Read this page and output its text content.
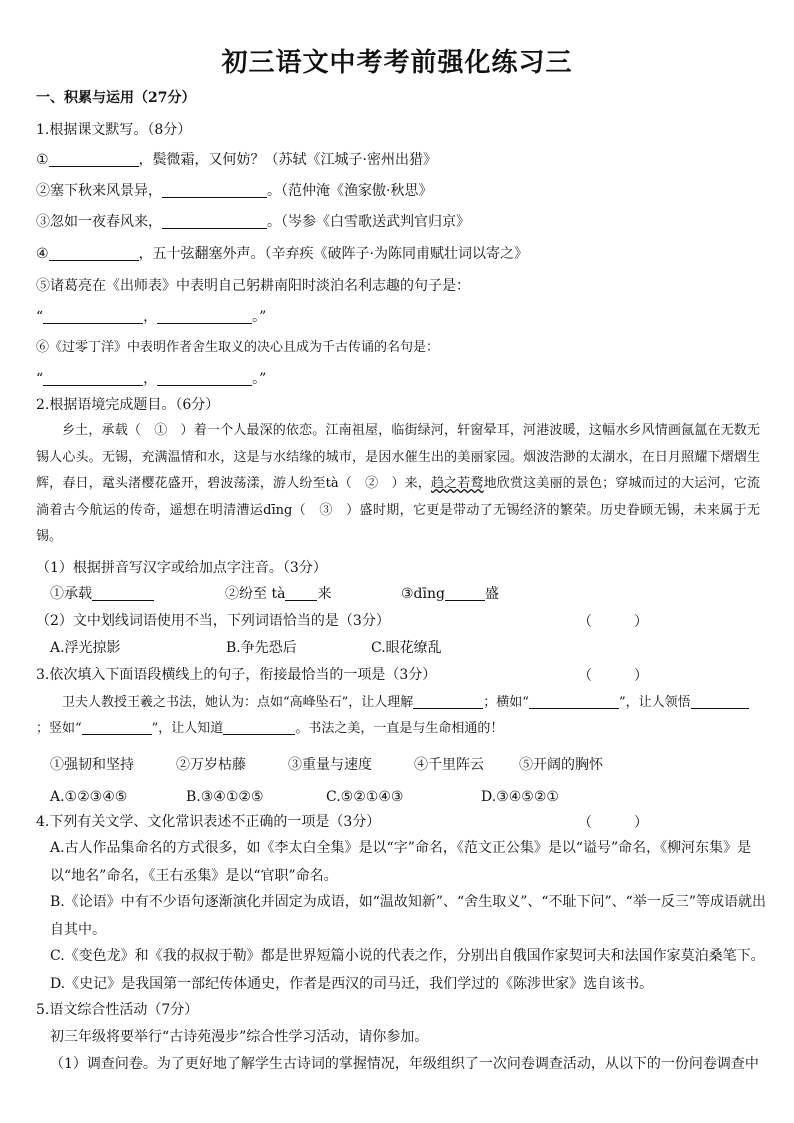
初三语文中考考前强化练习三
一、积累与运用（27分）
1.根据课文默写。（8分）
①	，鬓微霜，又何妨？（苏轼《江城子·密州出猎》
②塞下秋来风景异，	。（范仲淹《渔家傲·秋思》
③忽如一夜春风来，	。（岑参《白雪歌送武判官归京》
④	，五十弦翻塞外声。（辛弃疾《破阵子·为陈同甫赋壮词以寄之》
⑤诸葛亮在《出师表》中表明自己躬耕南阳时淡泊名利志趣的句子是：
“	，	。”
⑥《过零丁洋》中表明作者舍生取义的决心且成为千古传诵的名句是：
“	，	。”
2.根据语境完成题目。（6分）
乡土，承载（　①　）着一个人最深的依恋。江南祖屋，临街绿河，轩窗晕耳，河港波暖，这幅水乡风情画氤氲在无数无锡人心头。无锡，充满温情和水，这是与水结缘的城市，是因水催生出的美丽家园。烟波浩渺的太湖水，在日月照耀下熠熠生辉，春日，鼋头渚樱花盛开，碧波荡漾，游人纷至tà（　②　）来，趋之若鹜地欣赏这美丽的景色；穿城而过的大运河，它流淌着古今航运的传奇，遥想在明清漕运dīng（　③　）盛时期，它更是带动了无锡经济的繁荣。历史眷顾无锡，未来属于无锡。
（1）根据拼音写汉字或给加点字注音。（3分）
①承载	②纷至 tà 来	③dīng	盛
（2）文中划线词语使用不当，下列词语恰当的是（3分）	（　　　）
A.浮光掠影	B.争先恐后	C.眼花缭乱
3.依次填入下面语段横线上的句子，衔接最恰当的一项是（3分）	（　　　）
卫夫人教授王羲之书法，她认为：点如“高峰坠石”，让人理解	；横如“	”，让人领悟；竖如“	”，让人知道	。书法之美，一直是与生命相通的！
①强韧和坚持	②万岁枯藤	③重量与速度	④千里阵云	⑤开阔的胸怀
A.①②③④⑤	B.③④①②⑤	C.⑤②①④③	D.③④⑤②①
4.下列有关文学、文化常识表述不正确的一项是（3分）	（　　　）
A.古人作品集命名的方式很多，如《李太白全集》是以“字”命名，《范文正公集》是以“谥号”命名，《柳河东集》是以“地名”命名，《王右丞集》是以“官职”命名。
B.《论语》中有不少语句逐渐演化并固定为成语，如“温故知新”、“舍生取义”、“不耻下问”、“举一反三”等成语就出自其中。
C.《变色龙》和《我的叔叔于勒》都是世界短篇小说的代表之作，分别出自俄国作家契诃夫和法国作家莫泊桑笔下。
D.《史记》是我国第一部纪传体通史，作者是西汉的司马迁，我们学过的《陈涉世家》选自该书。
5.语文综合性活动（7分）
初三年级将要举行“古诗苑漫步”综合性学习活动，请你参加。
（1）调查问卷。为了更好地了解学生古诗词的掌握情况，年级组织了一次问卷调查活动，从以下的一份问卷调查中
